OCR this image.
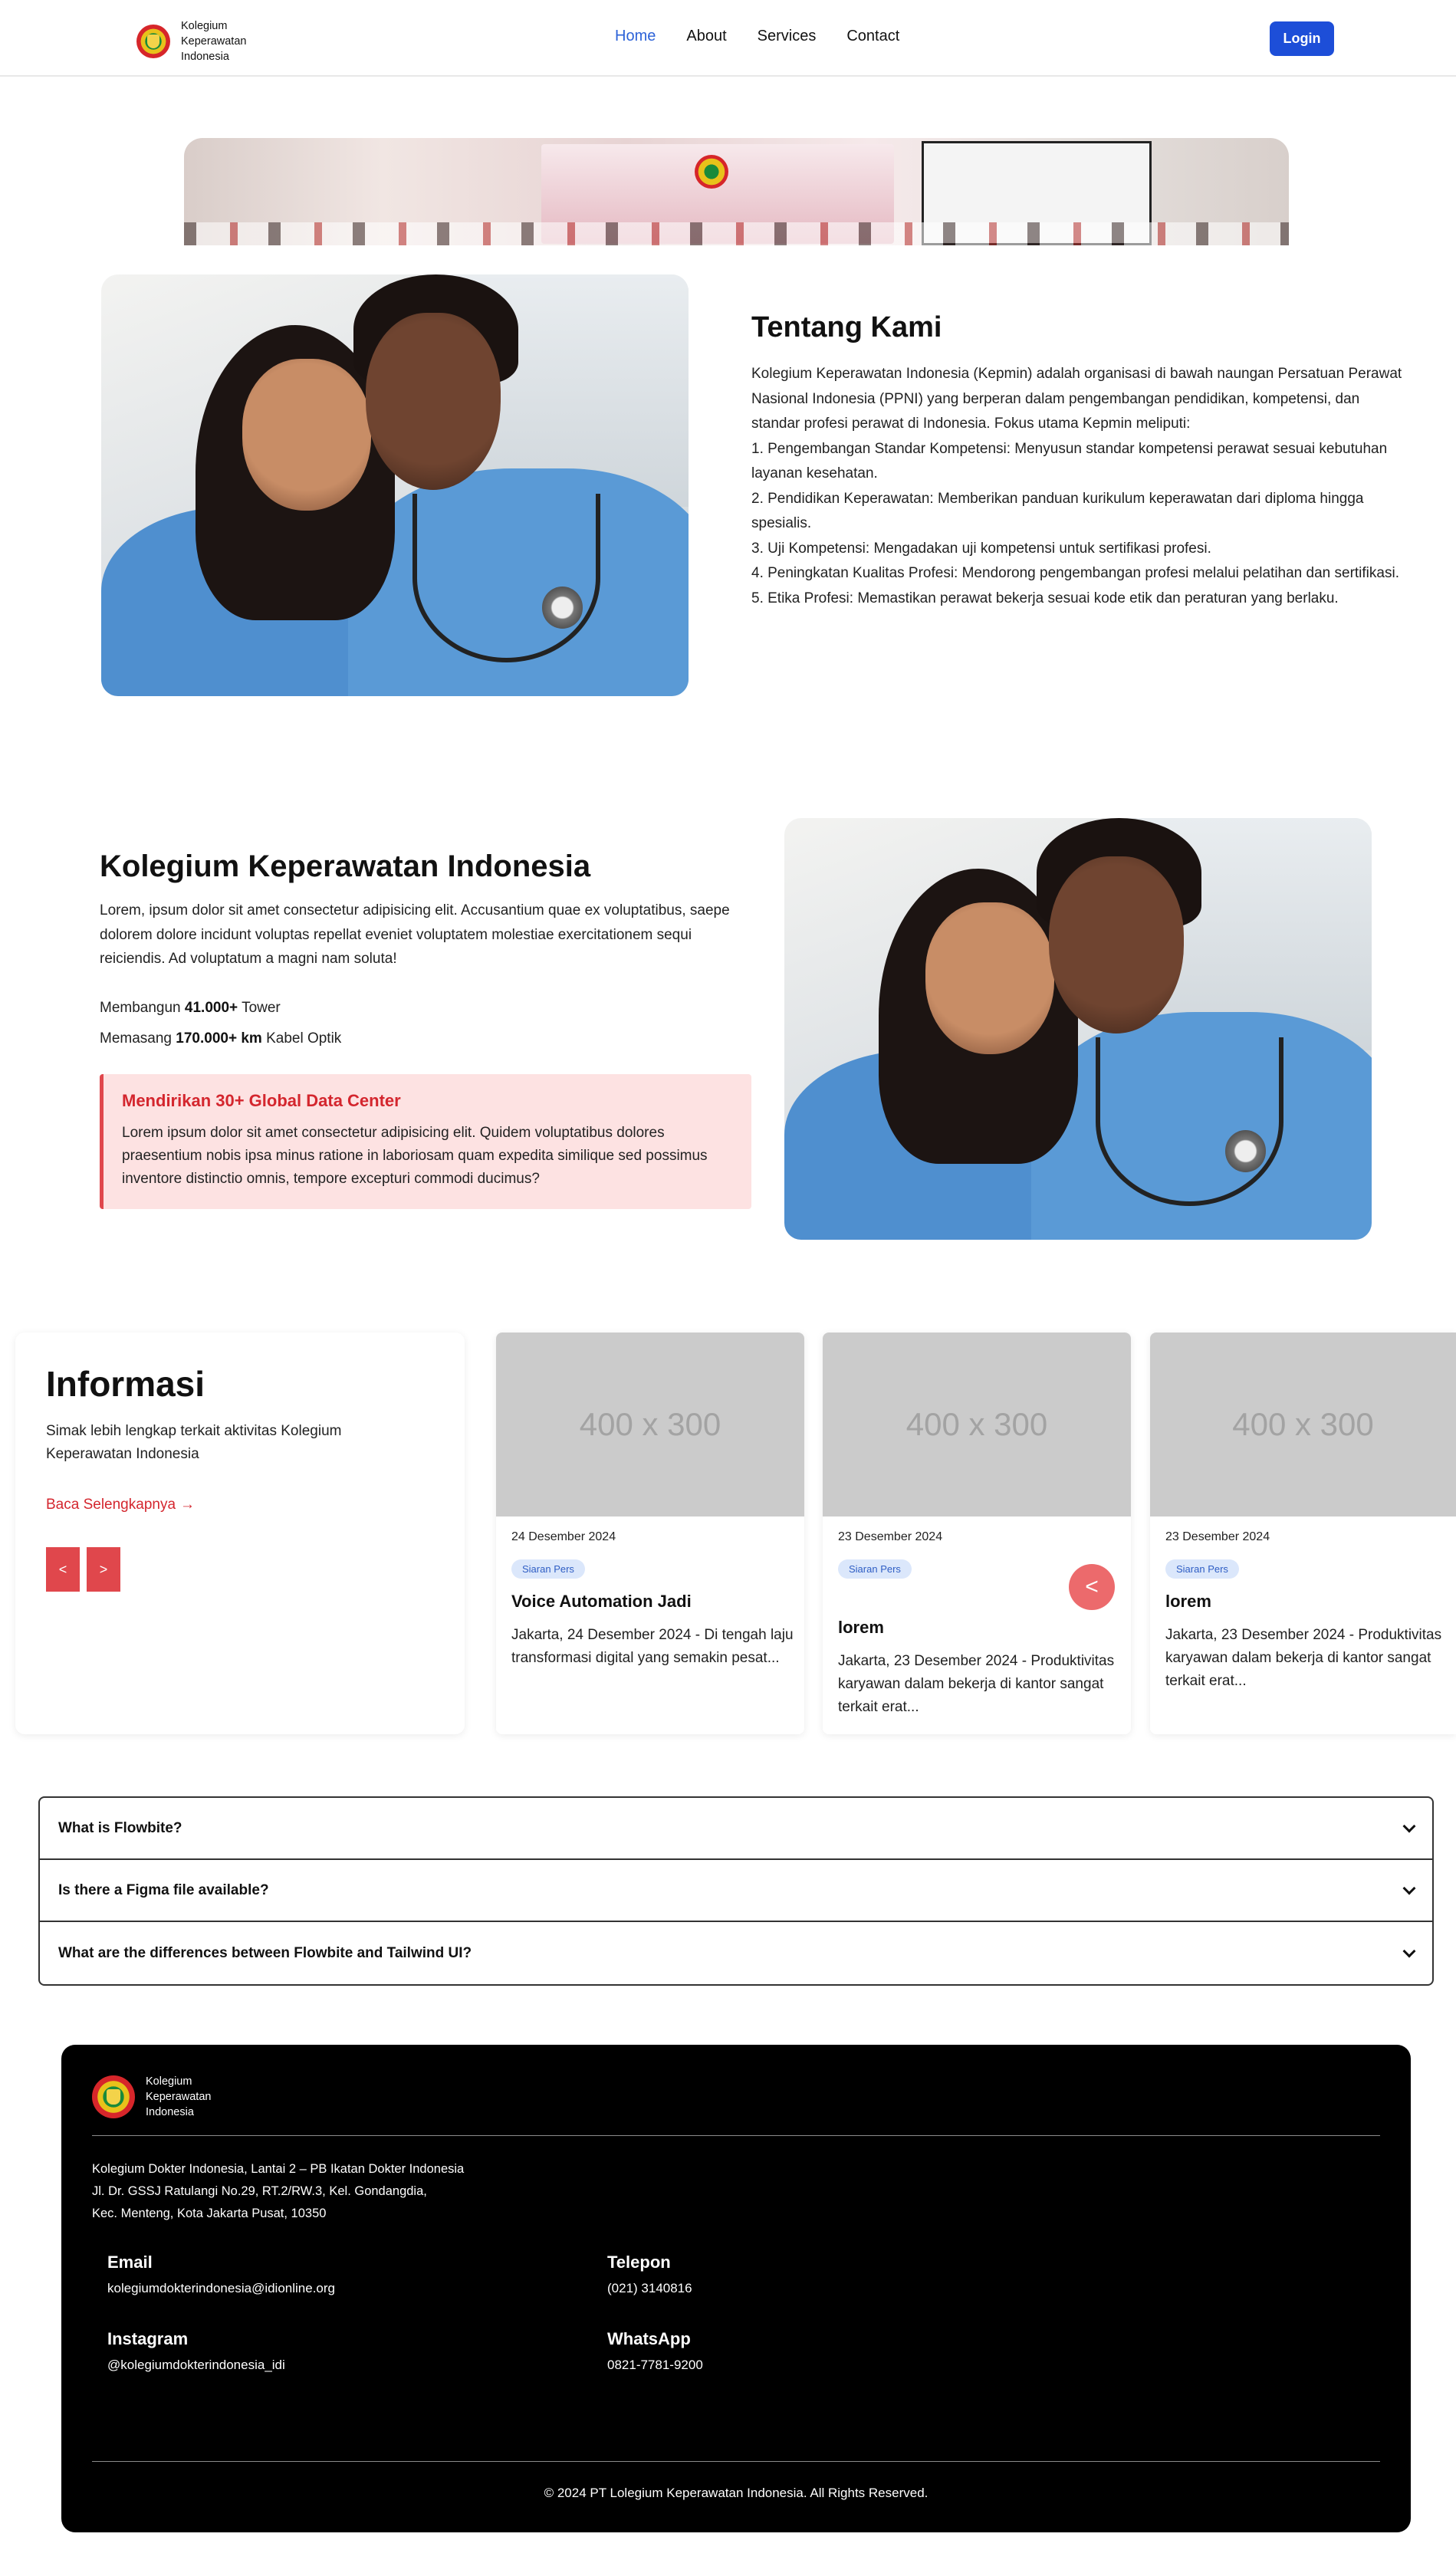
Kolegium Keperawatan Indonesia
Home About Services Contact	Login
Tentang Kami

Kolegium Keperawatan Indonesia (Kepmin) adalah organisasi di bawah naungan Persatuan Perawat Nasional Indonesia (PPNI) yang berperan dalam pengembangan pendidikan, kompetensi, dan standar profesi perawat di Indonesia. Fokus utama Kepmin meliputi:

1. Pengembangan Standar Kompetensi: Menyusun standar kompetensi perawat sesuai kebutuhan layanan kesehatan.

2. Pendidikan Keperawatan: Memberikan panduan kurikulum keperawatan dari diploma hingga spesialis.

3. Uji Kompetensi: Mengadakan uji kompetensi untuk sertifikasi profesi.

4. Peningkatan Kualitas Profesi: Mendorong pengembangan profesi melalui pelatihan dan sertifikasi.

5. Etika Profesi: Memastikan perawat bekerja sesuai kode etik dan peraturan yang berlaku.

Kolegium Keperawatan Indonesia
Lorem, ipsum dolor sit amet consectetur adipisicing elit. Accusantium quae ex voluptatibus, saepe dolorem dolore incidunt voluptas repellat eveniet voluptatem molestiae exercitationem sequi reiciendis. Ad voluptatum a magni nam soluta!
Membangun 41.000+ Tower
Memasang 170.000+ km Kabel Optik
Mendirikan 30+ Global Data Center
Lorem ipsum dolor sit amet consectetur adipisicing elit. Quidem voluptatibus dolores praesentium nobis ipsa minus ratione in laboriosam quam expedita similique sed possimus inventore distinctio omnis, tempore excepturi commodi ducimus?
Informasi
Simak lebih lengkap terkait aktivitas Kolegium Keperawatan Indonesia
Baca Selengkapnya →
<	>
400 x 300
24 Desember 2024
Siaran Pers
Voice Automation Jadi
Jakarta, 24 Desember 2024 - Di tengah laju transformasi digital yang semakin pesat...
400 x 300
23 Desember 2024
Siaran Pers
lorem
Jakarta, 23 Desember 2024 - Produktivitas karyawan dalam bekerja di kantor sangat terkait erat...
400 x 300
23 Desember 2024
Siaran Pers
lorem
Jakarta, 23 Desember 2024 - Produktivitas karyawan dalam bekerja di kantor sangat terkait erat...
<
What is Flowbite?
Is there a Figma file available?
What are the differences between Flowbite and Tailwind UI?
Kolegium Keperawatan Indonesia
Kolegium Dokter Indonesia, Lantai 2 – PB Ikatan Dokter Indonesia
Jl. Dr. GSSJ Ratulangi No.29, RT.2/RW.3, Kel. Gondangdia,
Kec. Menteng, Kota Jakarta Pusat, 10350
Email
kolegiumdokterindonesia@idionline.org
Telepon
(021) 3140816
Instagram
@kolegiumdokterindonesia_idi
WhatsApp
0821-7781-9200
© 2024 PT Lolegium Keperawatan Indonesia. All Rights Reserved.
